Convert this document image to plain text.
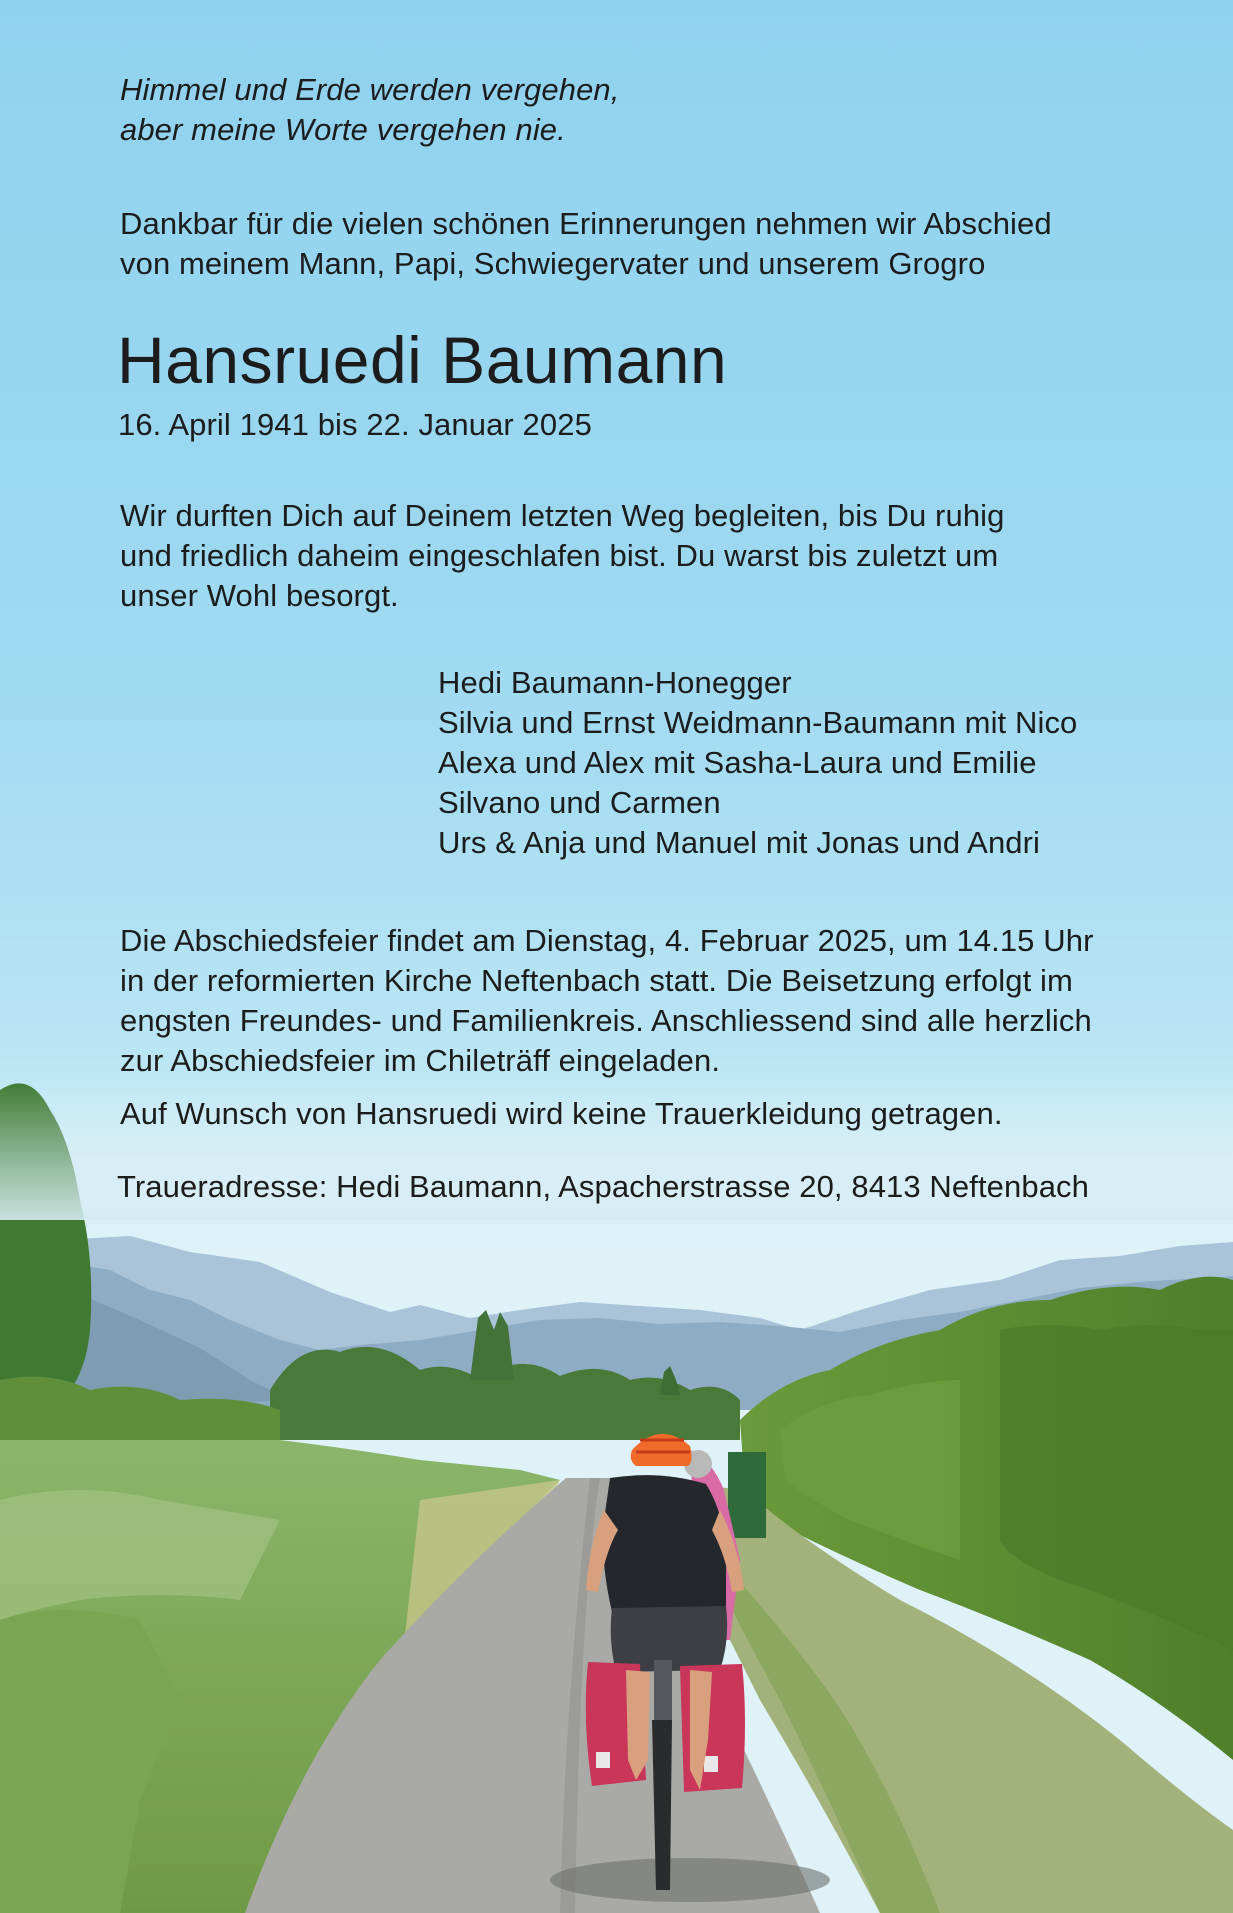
Himmel und Erde werden vergehen,
aber meine Worte vergehen nie.
Dankbar für die vielen schönen Erinnerungen nehmen wir Abschied
von meinem Mann, Papi, Schwiegervater und unserem Grogro
Hansruedi Baumann
16. April 1941 bis 22. Januar 2025
Wir durften Dich auf Deinem letzten Weg begleiten, bis Du ruhig
und friedlich daheim eingeschlafen bist. Du warst bis zuletzt um
unser Wohl besorgt.
Hedi Baumann-Honegger
Silvia und Ernst Weidmann-Baumann mit Nico
Alexa und Alex mit Sasha-Laura und Emilie
Silvano und Carmen
Urs & Anja und Manuel mit Jonas und Andri
Die Abschiedsfeier findet am Dienstag, 4. Februar 2025, um 14.15 Uhr
in der reformierten Kirche Neftenbach statt. Die Beisetzung erfolgt im
engsten Freundes- und Familienkreis. Anschliessend sind alle herzlich
zur Abschiedsfeier im Chileträff eingeladen.
Auf Wunsch von Hansruedi wird keine Trauerkleidung getragen.
Traueradresse: Hedi Baumann, Aspacherstrasse 20, 8413 Neftenbach
